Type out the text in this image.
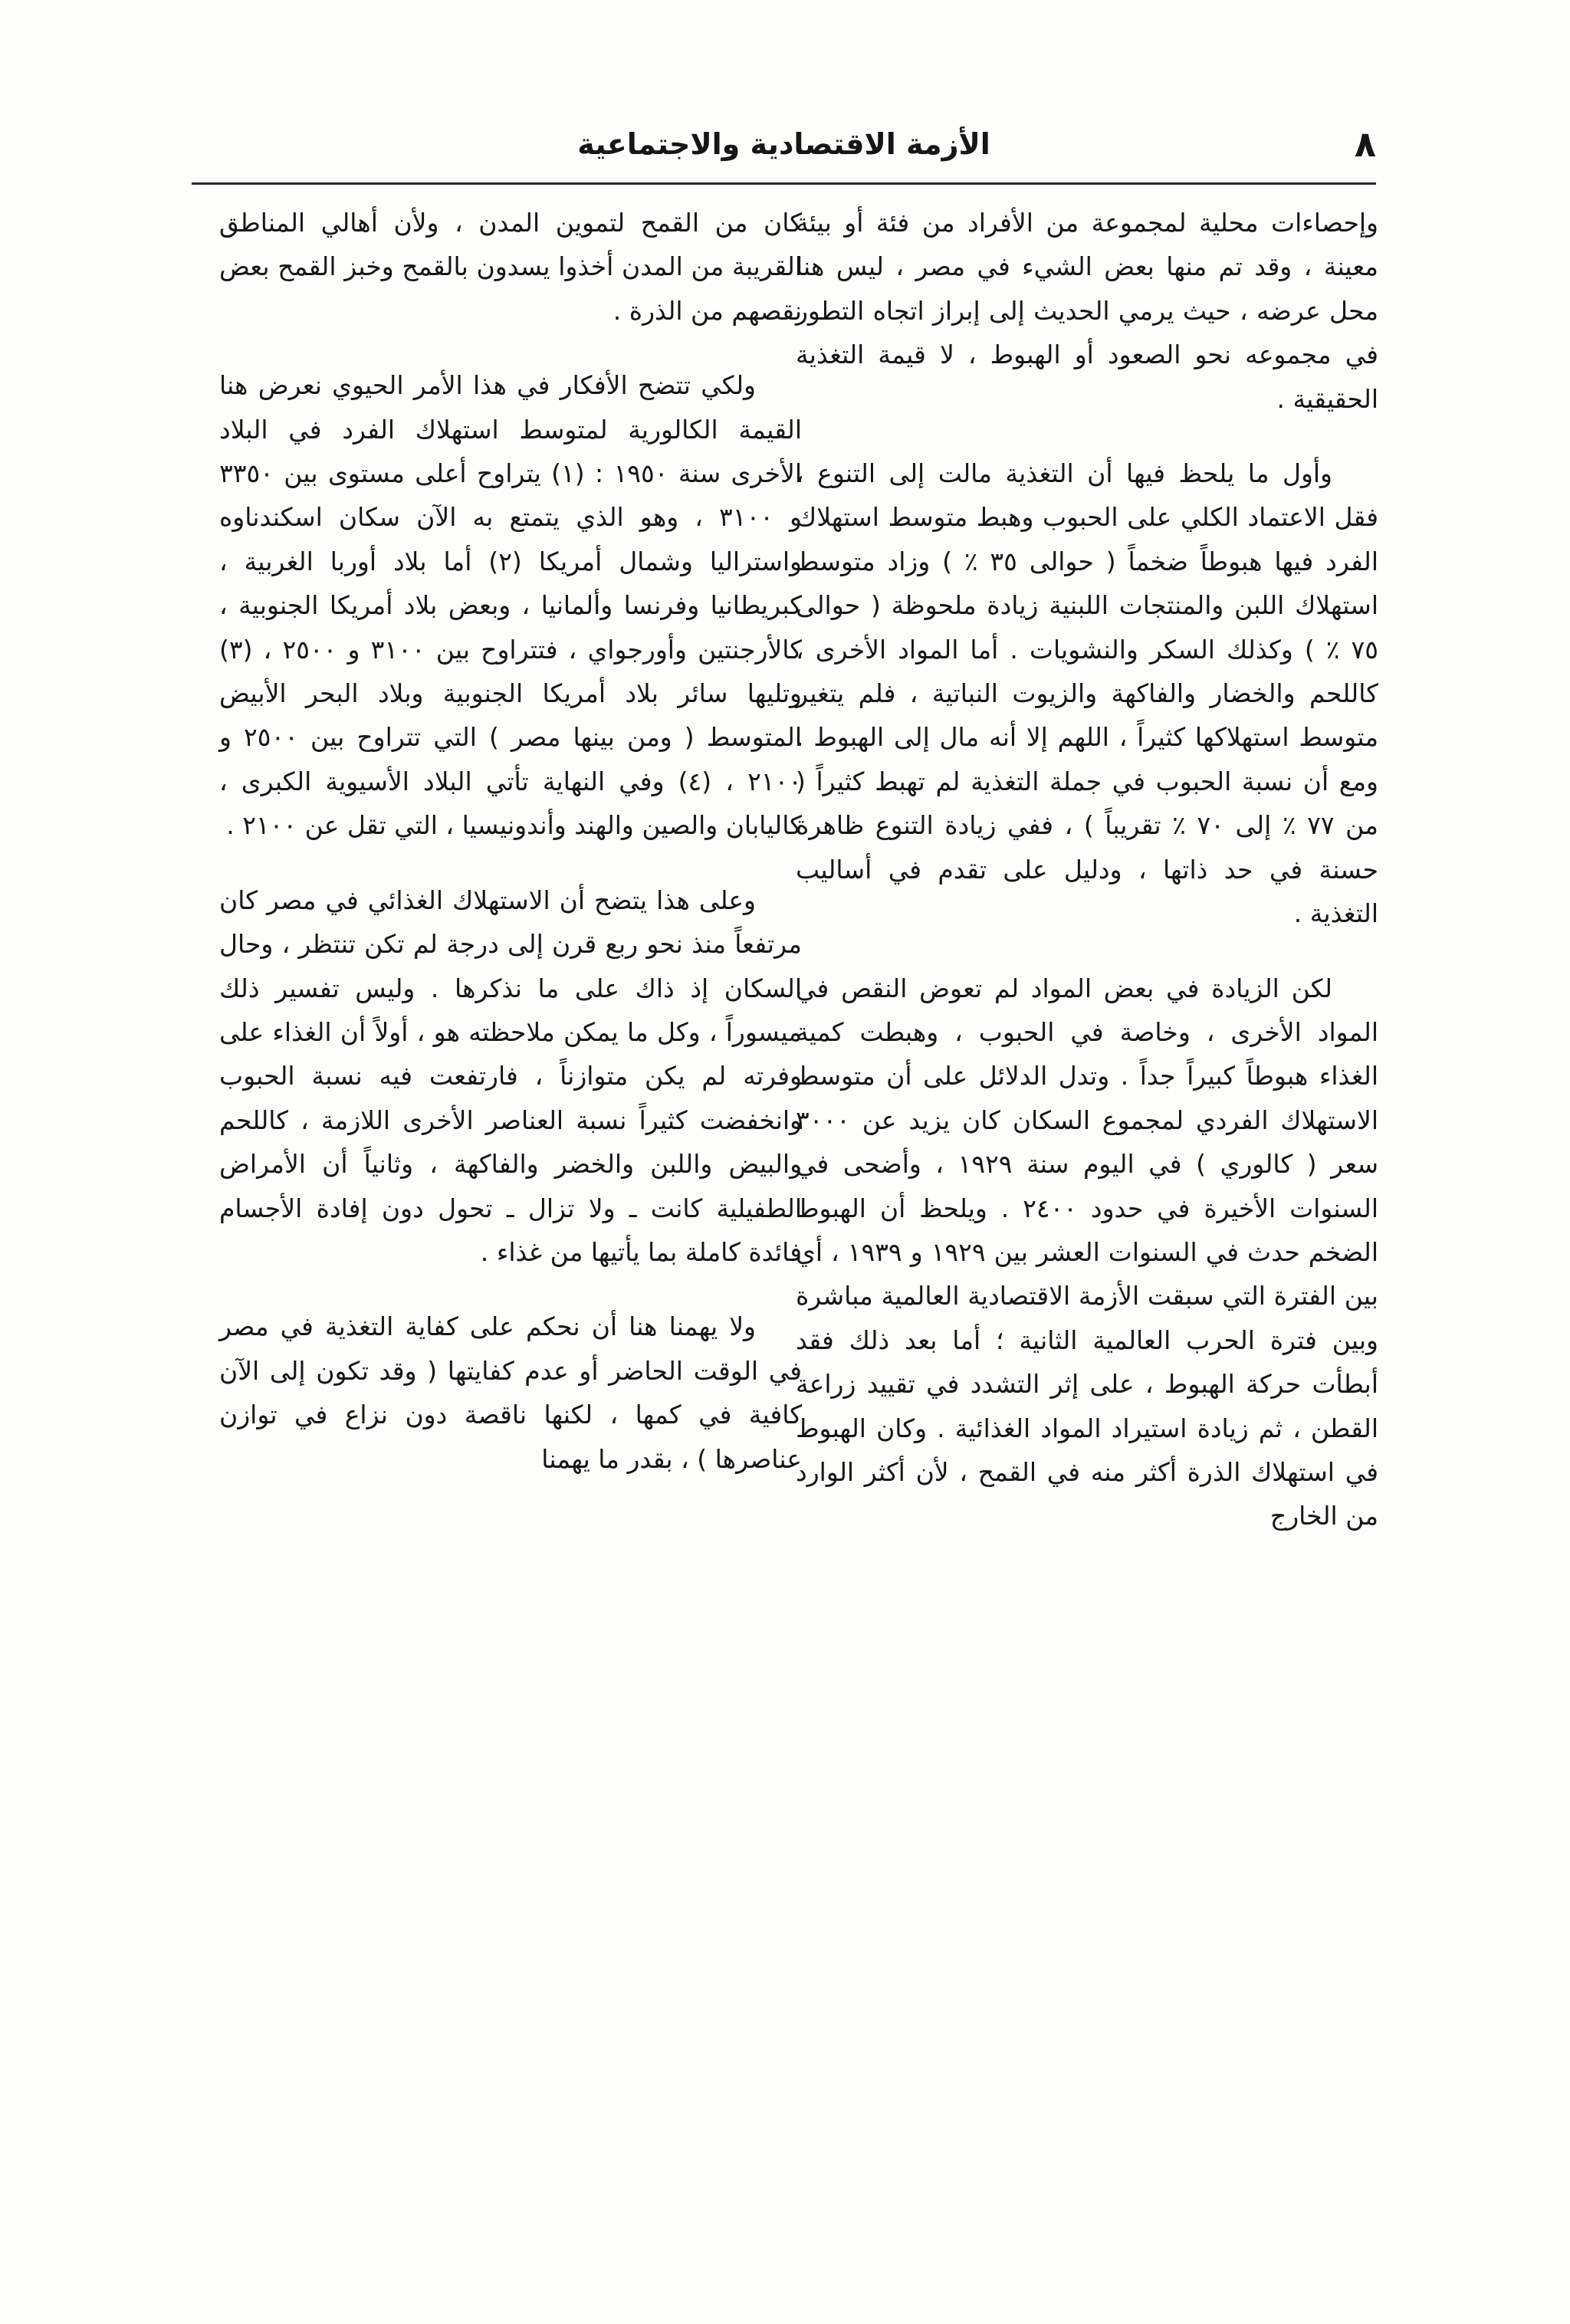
٨
الأزمة الاقتصادية والاجتماعية

وإحصاءات محلية لمجموعة من الأفراد من فئة أو بيئة معينة ، وقد تم منها بعض الشيء في مصر ، ليس هنا محل عرضه ، حيث يرمي الحديث إلى إبراز اتجاه التطور في مجموعه نحو الصعود أو الهبوط ، لا قيمة التغذية الحقيقية .

وأول ما يلحظ فيها أن التغذية مالت إلى التنوع ، فقل الاعتماد الكلي على الحبوب وهبط متوسط استهلاك الفرد فيها هبوطاً ضخماً ( حوالى ٣٥ ٪ ) وزاد متوسط استهلاك اللبن والمنتجات اللبنية زيادة ملحوظة ( حوالى ٧٥ ٪ ) وكذلك السكر والنشويات . أما المواد الأخرى ، كاللحم والخضار والفاكهة والزيوت النباتية ، فلم يتغير متوسط استهلاكها كثيراً ، اللهم إلا أنه مال إلى الهبوط . ومع أن نسبة الحبوب في جملة التغذية لم تهبط كثيراً ( من ٧٧ ٪ إلى ٧٠ ٪ تقريباً ) ، ففي زيادة التنوع ظاهرة حسنة في حد ذاتها ، ودليل على تقدم في أساليب التغذية .

لكن الزيادة في بعض المواد لم تعوض النقص في المواد الأخرى ، وخاصة في الحبوب ، وهبطت كمية الغذاء هبوطاً كبيراً جداً . وتدل الدلائل على أن متوسط الاستهلاك الفردي لمجموع السكان كان يزيد عن ٣٠٠٠ سعر ( كالوري ) في اليوم سنة ١٩٢٩ ، وأضحى في السنوات الأخيرة في حدود ٢٤٠٠ . ويلحظ أن الهبوط الضخم حدث في السنوات العشر بين ١٩٢٩ و ١٩٣٩ ، أي بين الفترة التي سبقت الأزمة الاقتصادية العالمية مباشرة وبين فترة الحرب العالمية الثانية ؛ أما بعد ذلك فقد أبطأت حركة الهبوط ، على إثر التشدد في تقييد زراعة القطن ، ثم زيادة استيراد المواد الغذائية . وكان الهبوط في استهلاك الذرة أكثر منه في القمح ، لأن أكثر الوارد من الخارج

كان من القمح لتموين المدن ، ولأن أهالي المناطق القريبة من المدن أخذوا يسدون بالقمح وخبز القمح بعض نقصهم من الذرة .

ولكي تتضح الأفكار في هذا الأمر الحيوي نعرض هنا القيمة الكالورية لمتوسط استهلاك الفرد في البلاد الأخرى سنة ١٩٥٠ : (١) يتراوح أعلى مستوى بين ٣٣٥٠ و ٣١٠٠ ، وهو الذي يتمتع به الآن سكان اسكندناوه واستراليا وشمال أمريكا (٢) أما بلاد أوربا الغربية ، كبريطانيا وفرنسا وألمانيا ، وبعض بلاد أمريكا الجنوبية ، كالأرجنتين وأورجواي ، فتتراوح بين ٣١٠٠ و ٢٥٠٠ ، (٣) وتليها سائر بلاد أمريكا الجنوبية وبلاد البحر الأبيض المتوسط ( ومن بينها مصر ) التي تتراوح بين ٢٥٠٠ و ٢١٠٠ ، (٤) وفي النهاية تأتي البلاد الأسيوية الكبرى ، كاليابان والصين والهند وأندونيسيا ، التي تقل عن ٢١٠٠ .

وعلى هذا يتضح أن الاستهلاك الغذائي في مصر كان مرتفعاً منذ نحو ربع قرن إلى درجة لم تكن تنتظر ، وحال السكان إذ ذاك على ما نذكرها . وليس تفسير ذلك ميسوراً ، وكل ما يمكن ملاحظته هو ، أولاً أن الغذاء على وفرته لم يكن متوازناً ، فارتفعت فيه نسبة الحبوب وانخفضت كثيراً نسبة العناصر الأخرى اللازمة ، كاللحم والبيض واللبن والخضر والفاكهة ، وثانياً أن الأمراض الطفيلية كانت ـ ولا تزال ـ تحول دون إفادة الأجسام فائدة كاملة بما يأتيها من غذاء .

ولا يهمنا هنا أن نحكم على كفاية التغذية في مصر في الوقت الحاضر أو عدم كفايتها ( وقد تكون إلى الآن كافية في كمها ، لكنها ناقصة دون نزاع في توازن عناصرها ) ، بقدر ما يهمنا
